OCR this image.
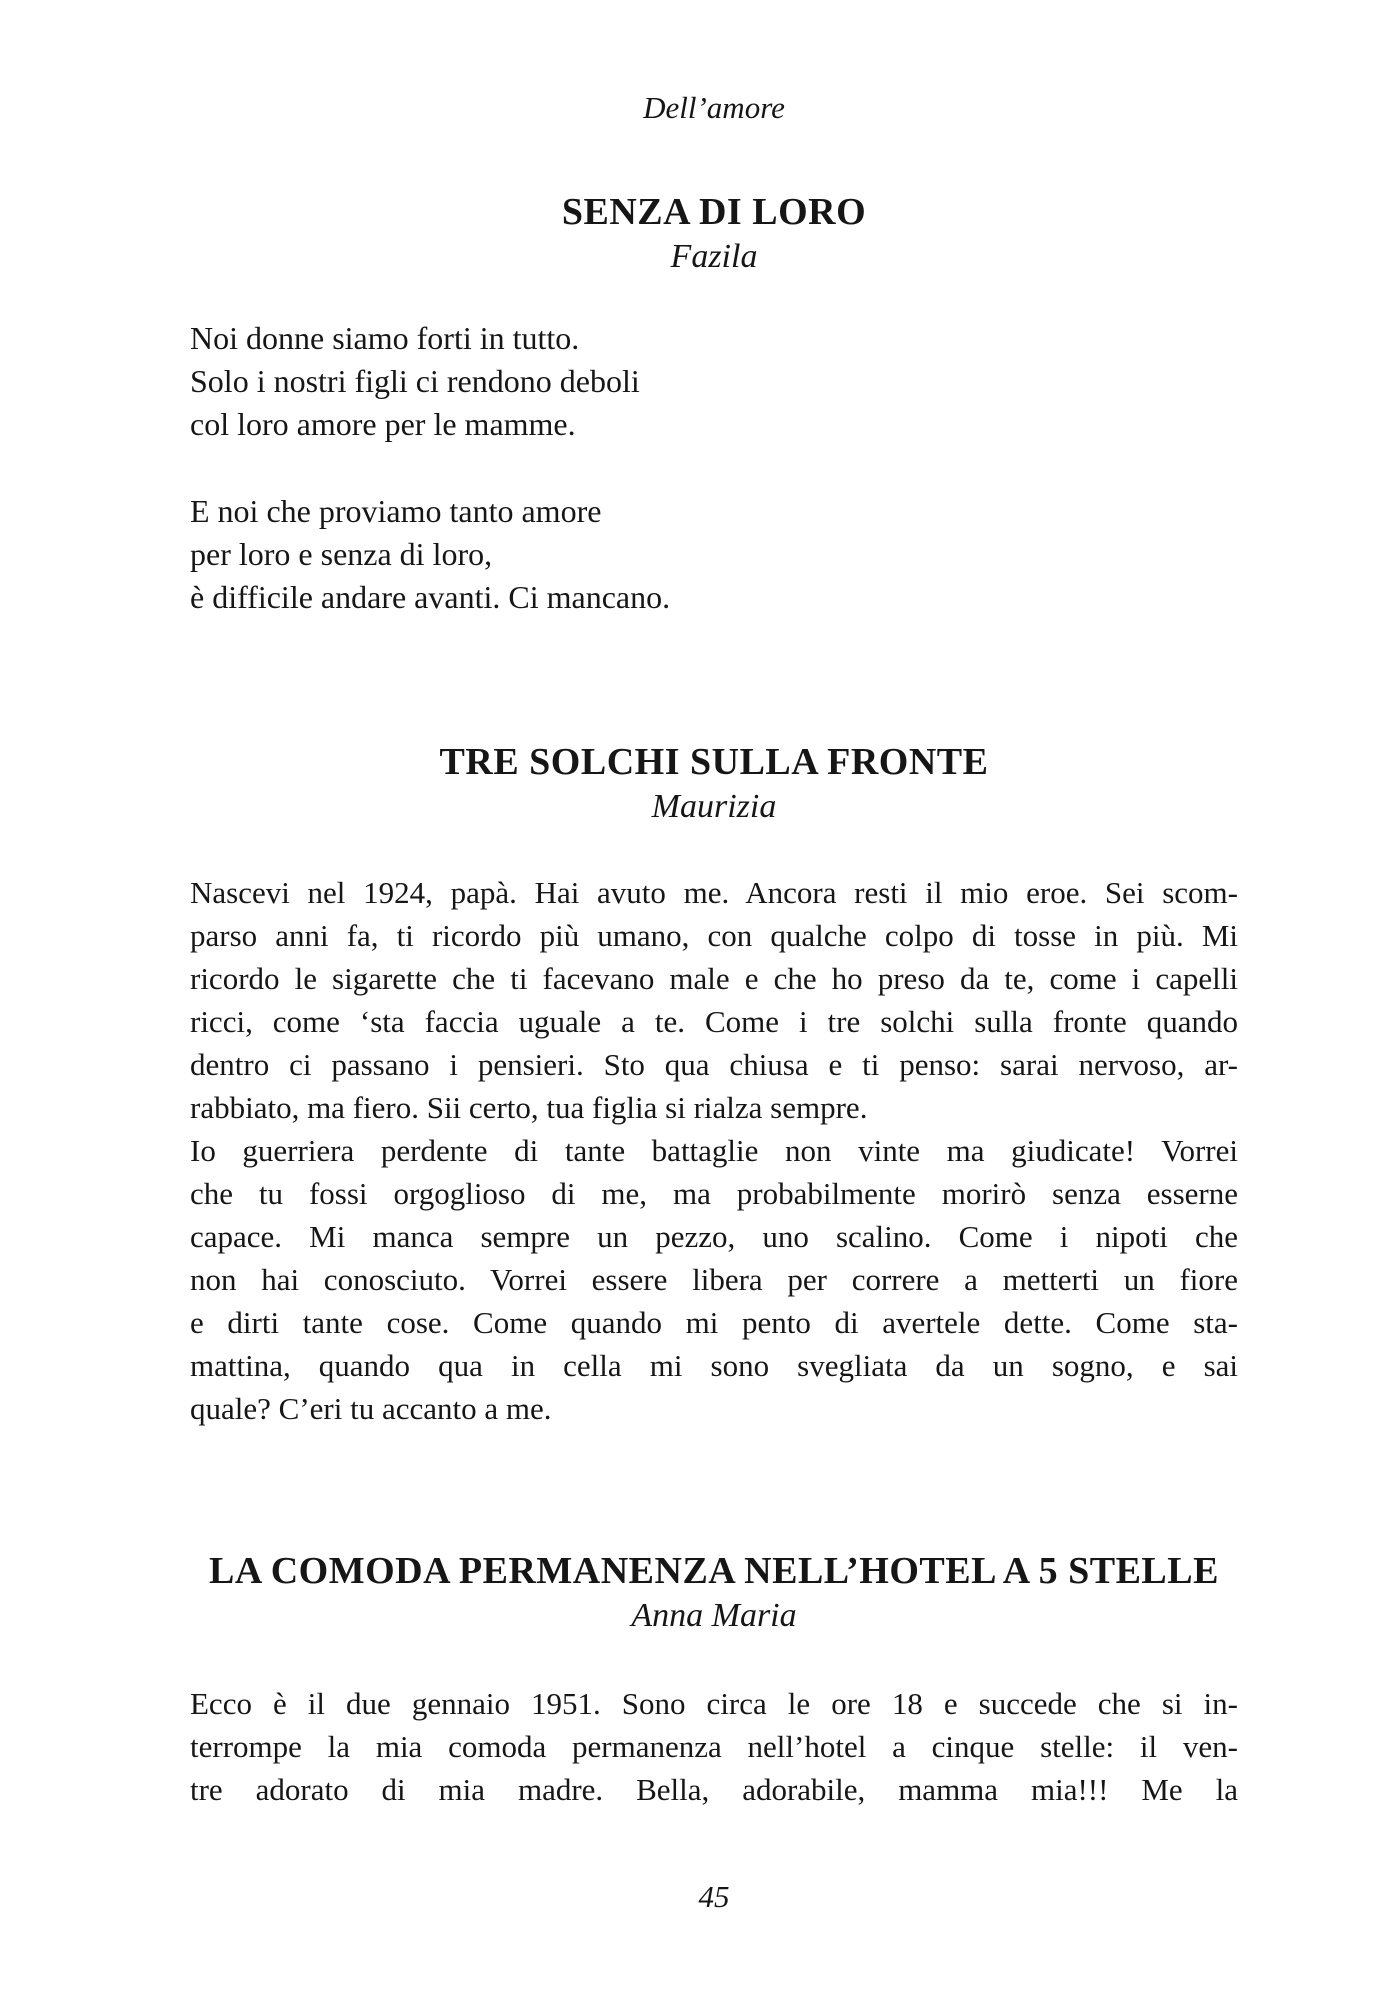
Dell’amore
SENZA DI LORO
Fazila
Noi donne siamo forti in tutto.
Solo i nostri figli ci rendono deboli
col loro amore per le mamme.
E noi che proviamo tanto amore
per loro e senza di loro,
è difficile andare avanti. Ci mancano.
TRE SOLCHI SULLA FRONTE
Maurizia
Nascevi nel 1924, papà. Hai avuto me. Ancora resti il mio eroe. Sei scom-
parso anni fa, ti ricordo più umano, con qualche colpo di tosse in più. Mi
ricordo le sigarette che ti facevano male e che ho preso da te, come i capelli
ricci, come ‘sta faccia uguale a te. Come i tre solchi sulla fronte quando
dentro ci passano i pensieri. Sto qua chiusa e ti penso: sarai nervoso, ar-
rabbiato, ma fiero. Sii certo, tua figlia si rialza sempre.
Io guerriera perdente di tante battaglie non vinte ma giudicate! Vorrei
che tu fossi orgoglioso di me, ma probabilmente morirò senza esserne
capace. Mi manca sempre un pezzo, uno scalino. Come i nipoti che
non hai conosciuto. Vorrei essere libera per correre a metterti un fiore
e dirti tante cose. Come quando mi pento di avertele dette. Come sta-
mattina, quando qua in cella mi sono svegliata da un sogno, e sai
quale? C’eri tu accanto a me.
LA COMODA PERMANENZA NELL’HOTEL A 5 STELLE
Anna Maria
Ecco è il due gennaio 1951. Sono circa le ore 18 e succede che si in-
terrompe la mia comoda permanenza nell’hotel a cinque stelle: il ven-
tre adorato di mia madre. Bella, adorabile, mamma mia!!! Me la
45
